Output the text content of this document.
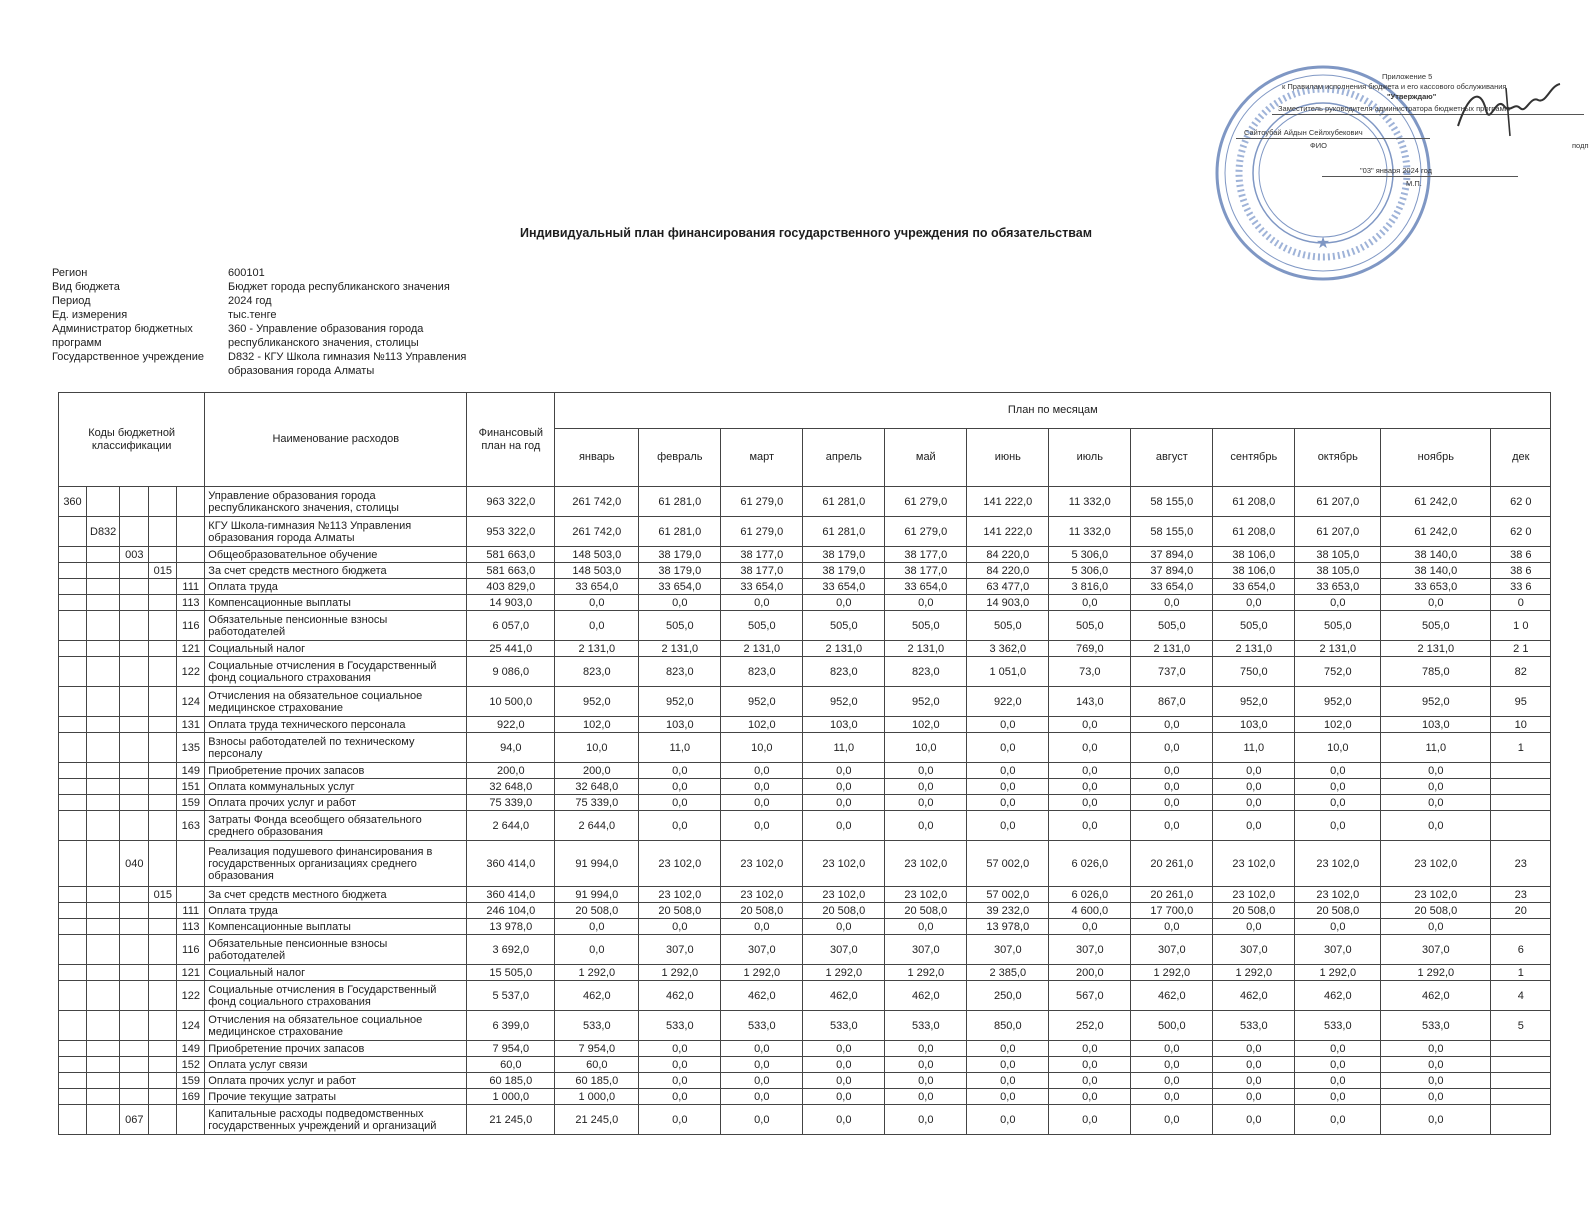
★
Приложение 5
к Правилам исполнения бюджета и его кассового обслуживания
"Утверждаю"
Заместитель руководителя администратора бюджетных программ
Сайтоубай Айдын Сейлхубекович
ФИО	подп
"03" января 2024 год
М.П.
Индивидуальный план финансирования государственного учреждения по обязательствам
Регион	600101
Вид бюджета	Бюджет города республиканского значения
Период	2024 год
Ед. измерения	тыс.тенге
Администратор бюджетных программ
360 - Управление образования города республиканского значения, столицы
Государственное учреждение	D832 - КГУ Школа гимназия №113 Управления образования города Алматы
Коды бюджетной классификации					Наименование расходов	Финансовый план на год	План по месяцам											
							январь	февраль	март	апрель	май	июнь	июль	август	сентябрь	октябрь	ноябрь	дек
360					Управление образования города республиканского значения, столицы	963 322,0	261 742,0	61 281,0	61 279,0	61 281,0	61 279,0	141 222,0	11 332,0	58 155,0	61 208,0	61 207,0	61 242,0	62 0
	D832				КГУ Школа-гимназия №113 Управления образования города Алматы	953 322,0	261 742,0	61 281,0	61 279,0	61 281,0	61 279,0	141 222,0	11 332,0	58 155,0	61 208,0	61 207,0	61 242,0	62 0
		003			Общеобразовательное обучение	581 663,0	148 503,0	38 179,0	38 177,0	38 179,0	38 177,0	84 220,0	5 306,0	37 894,0	38 106,0	38 105,0	38 140,0	38 6
			015		За счет средств местного бюджета	581 663,0	148 503,0	38 179,0	38 177,0	38 179,0	38 177,0	84 220,0	5 306,0	37 894,0	38 106,0	38 105,0	38 140,0	38 6
				111	Оплата труда	403 829,0	33 654,0	33 654,0	33 654,0	33 654,0	33 654,0	63 477,0	3 816,0	33 654,0	33 654,0	33 653,0	33 653,0	33 6
				113	Компенсационные выплаты	14 903,0	0,0	0,0	0,0	0,0	0,0	14 903,0	0,0	0,0	0,0	0,0	0,0	0
				116	Обязательные пенсионные взносы работодателей	6 057,0	0,0	505,0	505,0	505,0	505,0	505,0	505,0	505,0	505,0	505,0	505,0	1 0
				121	Социальный налог	25 441,0	2 131,0	2 131,0	2 131,0	2 131,0	2 131,0	3 362,0	769,0	2 131,0	2 131,0	2 131,0	2 131,0	2 1
				122	Социальные отчисления в Государственный фонд социального страхования	9 086,0	823,0	823,0	823,0	823,0	823,0	1 051,0	73,0	737,0	750,0	752,0	785,0	82
				124	Отчисления на обязательное социальное медицинское страхование	10 500,0	952,0	952,0	952,0	952,0	952,0	922,0	143,0	867,0	952,0	952,0	952,0	95
				131	Оплата труда технического персонала	922,0	102,0	103,0	102,0	103,0	102,0	0,0	0,0	0,0	103,0	102,0	103,0	10
				135	Взносы работодателей по техническому персоналу	94,0	10,0	11,0	10,0	11,0	10,0	0,0	0,0	0,0	11,0	10,0	11,0	1
				149	Приобретение прочих запасов	200,0	200,0	0,0	0,0	0,0	0,0	0,0	0,0	0,0	0,0	0,0	0,0	
				151	Оплата коммунальных услуг	32 648,0	32 648,0	0,0	0,0	0,0	0,0	0,0	0,0	0,0	0,0	0,0	0,0	
				159	Оплата прочих услуг и работ	75 339,0	75 339,0	0,0	0,0	0,0	0,0	0,0	0,0	0,0	0,0	0,0	0,0	
				163	Затраты Фонда всеобщего обязательного среднего образования	2 644,0	2 644,0	0,0	0,0	0,0	0,0	0,0	0,0	0,0	0,0	0,0	0,0	
		040			Реализация подушевого финансирования в государственных организациях среднего образования	360 414,0	91 994,0	23 102,0	23 102,0	23 102,0	23 102,0	57 002,0	6 026,0	20 261,0	23 102,0	23 102,0	23 102,0	23
			015		За счет средств местного бюджета	360 414,0	91 994,0	23 102,0	23 102,0	23 102,0	23 102,0	57 002,0	6 026,0	20 261,0	23 102,0	23 102,0	23 102,0	23
				111	Оплата труда	246 104,0	20 508,0	20 508,0	20 508,0	20 508,0	20 508,0	39 232,0	4 600,0	17 700,0	20 508,0	20 508,0	20 508,0	20
				113	Компенсационные выплаты	13 978,0	0,0	0,0	0,0	0,0	0,0	13 978,0	0,0	0,0	0,0	0,0	0,0	
				116	Обязательные пенсионные взносы работодателей	3 692,0	0,0	307,0	307,0	307,0	307,0	307,0	307,0	307,0	307,0	307,0	307,0	6
				121	Социальный налог	15 505,0	1 292,0	1 292,0	1 292,0	1 292,0	1 292,0	2 385,0	200,0	1 292,0	1 292,0	1 292,0	1 292,0	1
				122	Социальные отчисления в Государственный фонд социального страхования	5 537,0	462,0	462,0	462,0	462,0	462,0	250,0	567,0	462,0	462,0	462,0	462,0	4
				124	Отчисления на обязательное социальное медицинское страхование	6 399,0	533,0	533,0	533,0	533,0	533,0	850,0	252,0	500,0	533,0	533,0	533,0	5
				149	Приобретение прочих запасов	7 954,0	7 954,0	0,0	0,0	0,0	0,0	0,0	0,0	0,0	0,0	0,0	0,0	
				152	Оплата услуг связи	60,0	60,0	0,0	0,0	0,0	0,0	0,0	0,0	0,0	0,0	0,0	0,0	
				159	Оплата прочих услуг и работ	60 185,0	60 185,0	0,0	0,0	0,0	0,0	0,0	0,0	0,0	0,0	0,0	0,0	
				169	Прочие текущие затраты	1 000,0	1 000,0	0,0	0,0	0,0	0,0	0,0	0,0	0,0	0,0	0,0	0,0	
		067			Капитальные расходы подведомственных государственных учреждений и организаций	21 245,0	21 245,0	0,0	0,0	0,0	0,0	0,0	0,0	0,0	0,0	0,0	0,0	
